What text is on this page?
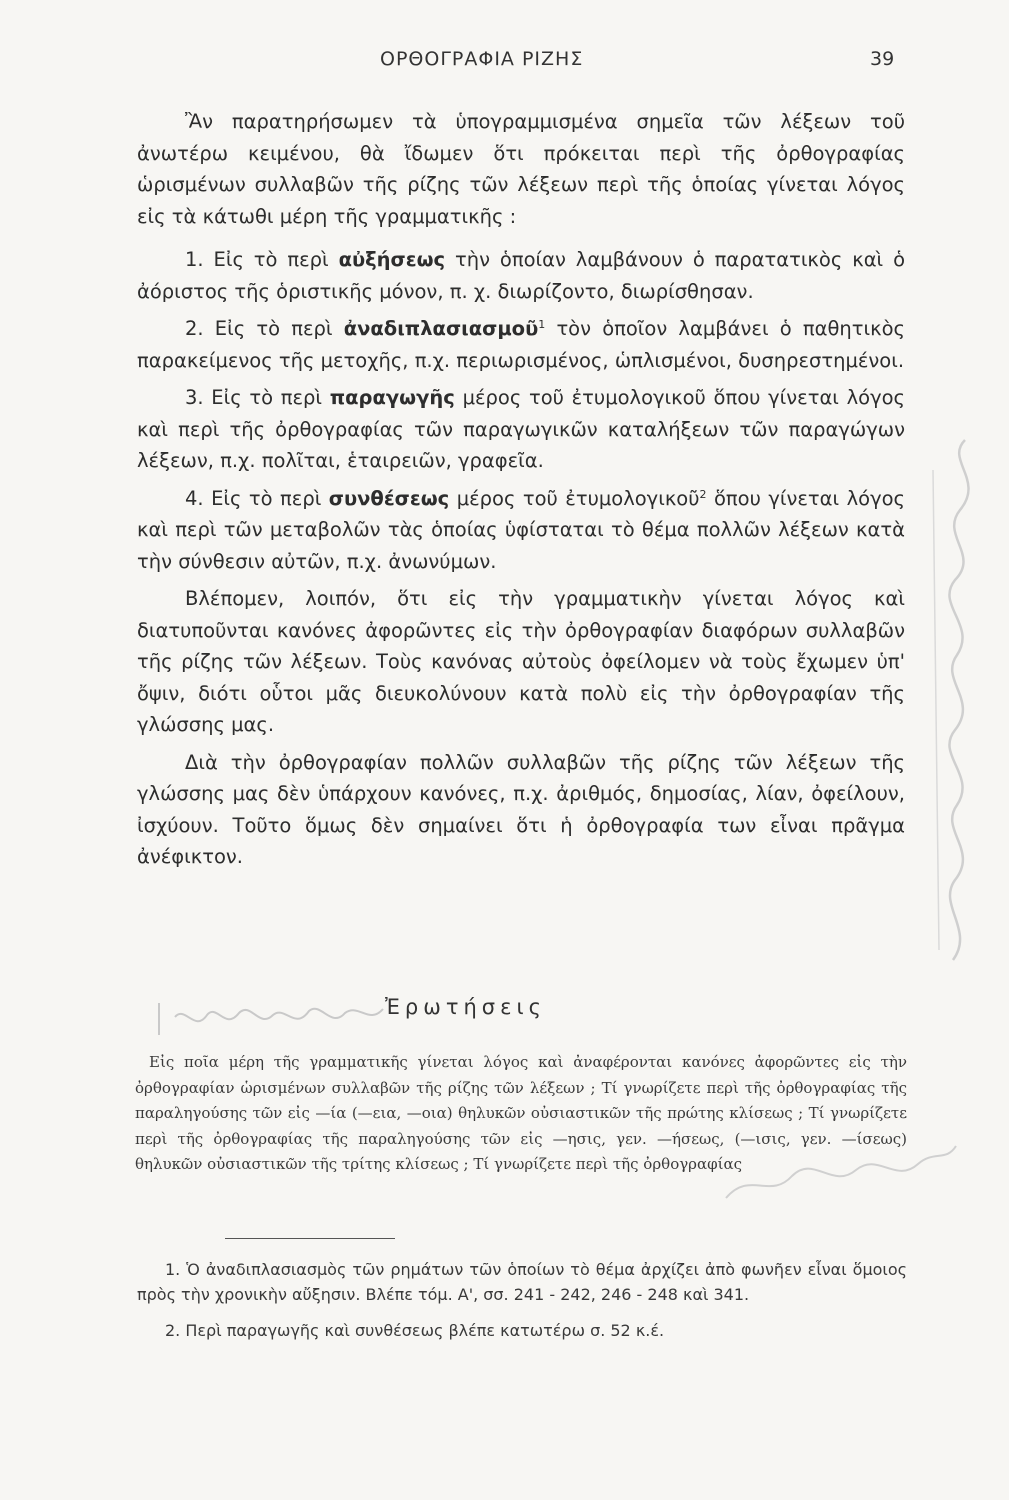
ΟΡΘΟΓΡΑΦΙΑ ΡΙΖΗΣ	39

Ἂν παρατηρήσωμεν τὰ ὑπογραμμισμένα σημεῖα τῶν λέξεων τοῦ ἀνωτέρω κειμένου, θὰ ἴδωμεν ὅτι πρόκειται περὶ τῆς ὀρθογραφίας ὡρισμένων συλλαβῶν τῆς ρίζης τῶν λέξεων περὶ τῆς ὁποίας γίνεται λόγος εἰς τὰ κάτωθι μέρη τῆς γραμματικῆς :

1. Εἰς τὸ περὶ αὐξήσεως τὴν ὁποίαν λαμβάνουν ὁ παρατατικὸς καὶ ὁ ἀόριστος τῆς ὁριστικῆς μόνον, π. χ. διωρίζοντο, διωρίσθησαν.

2. Εἰς τὸ περὶ ἀναδιπλασιασμοῦ$^1$ τὸν ὁποῖον λαμβάνει ὁ παθητικὸς παρακείμενος τῆς μετοχῆς, π.χ. περιωρισμένος, ὡπλισμένοι, δυσηρεστημένοι.

3. Εἰς τὸ περὶ παραγωγῆς μέρος τοῦ ἐτυμολογικοῦ ὅπου γίνεται λόγος καὶ περὶ τῆς ὀρθογραφίας τῶν παραγωγικῶν καταλήξεων τῶν παραγώγων λέξεων, π.χ. πολῖται, ἑταιρειῶν, γραφεῖα.

4. Εἰς τὸ περὶ συνθέσεως μέρος τοῦ ἐτυμολογικοῦ$^2$ ὅπου γίνεται λόγος καὶ περὶ τῶν μεταβολῶν τὰς ὁποίας ὑφίσταται τὸ θέμα πολλῶν λέξεων κατὰ τὴν σύνθεσιν αὐτῶν, π.χ. ἀνωνύμων.

Βλέπομεν, λοιπόν, ὅτι εἰς τὴν γραμματικὴν γίνεται λόγος καὶ διατυποῦνται κανόνες ἀφορῶντες εἰς τὴν ὀρθογραφίαν διαφόρων συλλαβῶν τῆς ρίζης τῶν λέξεων. Τοὺς κανόνας αὐτοὺς ὀφείλομεν νὰ τοὺς ἔχωμεν ὑπ' ὄψιν, διότι οὗτοι μᾶς διευκολύνουν κατὰ πολὺ εἰς τὴν ὀρθογραφίαν τῆς γλώσσης μας.

Διὰ τὴν ὀρθογραφίαν πολλῶν συλλαβῶν τῆς ρίζης τῶν λέξεων τῆς γλώσσης μας δὲν ὑπάρχουν κανόνες, π.χ. ἀριθμός, δημοσίας, λίαν, ὀφείλουν, ἰσχύουν. Τοῦτο ὅμως δὲν σημαίνει ὅτι ἡ ὀρθογραφία των εἶναι πρᾶγμα ἀνέφικτον.

Ἐρωτήσεις
Εἰς ποῖα μέρη τῆς γραμματικῆς γίνεται λόγος καὶ ἀναφέρονται κανόνες ἀφορῶντες εἰς τὴν ὀρθογραφίαν ὡρισμένων συλλαβῶν τῆς ρίζης τῶν λέξεων ; Τί γνωρίζετε περὶ τῆς ὀρθογραφίας τῆς παραληγούσης τῶν εἰς —ία (—εια, —οια) θηλυκῶν οὐσιαστικῶν τῆς πρώτης κλίσεως ; Τί γνωρίζετε περὶ τῆς ὀρθογραφίας τῆς παραληγούσης τῶν εἰς —ησις, γεν. —ήσεως, (—ισις, γεν. —ίσεως) θηλυκῶν οὐσιαστικῶν τῆς τρίτης κλίσεως ; Τί γνωρίζετε περὶ τῆς ὀρθογραφίας

1. Ὁ ἀναδιπλασιασμὸς τῶν ρημάτων τῶν ὁποίων τὸ θέμα ἀρχίζει ἀπὸ φωνῆεν εἶναι ὅμοιος πρὸς τὴν χρονικὴν αὔξησιν. Βλέπε τόμ. Α', σσ. 241 - 242, 246 - 248 καὶ 341.

2. Περὶ παραγωγῆς καὶ συνθέσεως βλέπε κατωτέρω σ. 52 κ.έ.
